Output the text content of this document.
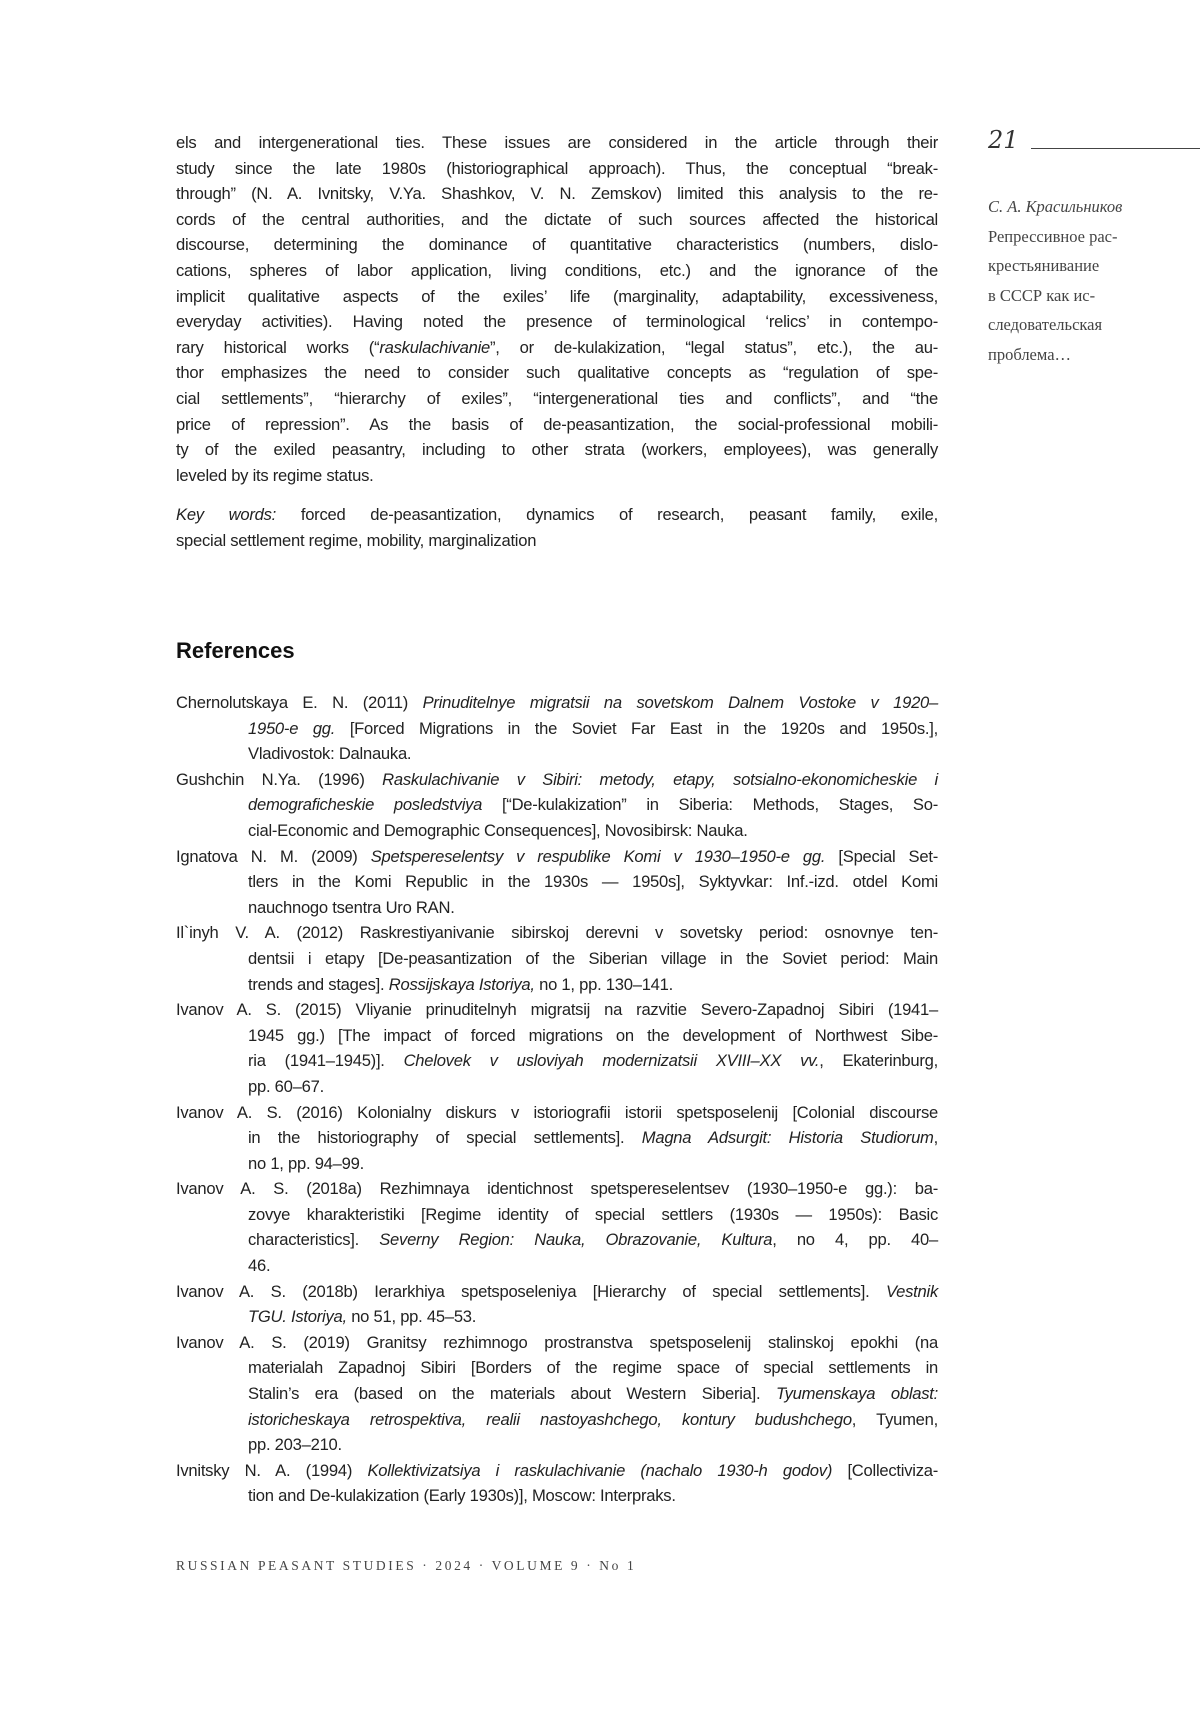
21
С. А. Красильников
Репрессивное рас-
крестьянивание
в СССР как ис-
следовательская
проблема…
els and intergenerational ties. These issues are considered in the article through their
study since the late 1980s (historiographical approach). Thus, the conceptual “break-
through” (N. A. Ivnitsky, V.Ya. Shashkov, V. N. Zemskov) limited this analysis to the re-
cords of the central authorities, and the dictate of such sources affected the historical
discourse, determining the dominance of quantitative characteristics (numbers, dislo-
cations, spheres of labor application, living conditions, etc.) and the ignorance of the
implicit qualitative aspects of the exiles’ life (marginality, adaptability, excessiveness,
everyday activities). Having noted the presence of terminological ‘relics’ in contempo-
rary historical works (“raskulachivanie”, or de-kulakization, “legal status”, etc.), the au-
thor emphasizes the need to consider such qualitative concepts as “regulation of spe-
cial settlements”, “hierarchy of exiles”, “intergenerational ties and conflicts”, and “the
price of repression”. As the basis of de-peasantization, the social-professional mobili-
ty of the exiled peasantry, including to other strata (workers, employees), was generally
leveled by its regime status.
Key words: forced de-peasantization, dynamics of research, peasant family, exile,
special settlement regime, mobility, marginalization
References
Chernolutskaya E. N. (2011) Prinuditelnye migratsii na sovetskom Dalnem Vostoke v 1920–
1950-e gg. [Forced Migrations in the Soviet Far East in the 1920s and 1950s.],
Vladivostok: Dalnauka.
Gushchin N.Ya. (1996) Raskulachivanie v Sibiri: metody, etapy, sotsialno-ekonomicheskie i
demograficheskie posledstviya [“De-kulakization” in Siberia: Methods, Stages, So-
cial-Economic and Demographic Consequences], Novosibirsk: Nauka.
Ignatova N. M. (2009) Spetspereselentsy v respublike Komi v 1930–1950-e gg. [Special Set-
tlers in the Komi Republic in the 1930s — 1950s], Syktyvkar: Inf.-izd. otdel Komi
nauchnogo tsentra Uro RAN.
Il`inyh V. A. (2012) Raskrestiyanivanie sibirskoj derevni v sovetsky period: osnovnye ten-
dentsii i etapy [De-peasantization of the Siberian village in the Soviet period: Main
trends and stages]. Rossijskaya Istoriya, no 1, pp. 130–141.
Ivanov A. S. (2015) Vliyanie prinuditelnyh migratsij na razvitie Severo-Zapadnoj Sibiri (1941–
1945 gg.) [The impact of forced migrations on the development of Northwest Sibe-
ria (1941–1945)]. Chelovek v usloviyah modernizatsii XVIII–XX vv., Ekaterinburg,
pp. 60–67.
Ivanov A. S. (2016) Kolonialny diskurs v istoriografii istorii spetsposelenij [Colonial discourse
in the historiography of special settlements]. Magna Adsurgit: Historia Studiorum,
no 1, pp. 94–99.
Ivanov A. S. (2018a) Rezhimnaya identichnost spetspereselentsev (1930–1950-e gg.): ba-
zovye kharakteristiki [Regime identity of special settlers (1930s — 1950s): Basic
characteristics]. Severny Region: Nauka, Obrazovanie, Kultura, no 4, pp. 40–
46.
Ivanov A. S. (2018b) Ierarkhiya spetsposeleniya [Hierarchy of special settlements]. Vestnik
TGU. Istoriya, no 51, pp. 45–53.
Ivanov A. S. (2019) Granitsy rezhimnogo prostranstva spetsposelenij stalinskoj epokhi (na
materialah Zapadnoj Sibiri [Borders of the regime space of special settlements in
Stalin’s era (based on the materials about Western Siberia]. Tyumenskaya oblast:
istoricheskaya retrospektiva, realii nastoyashchego, kontury budushchego, Tyumen,
pp. 203–210.
Ivnitsky N. A. (1994) Kollektivizatsiya i raskulachivanie (nachalo 1930-h godov) [Collectiviza-
tion and De-kulakization (Early 1930s)], Moscow: Interpraks.
RUSSIAN PEASANT STUDIES · 2024 · VOLUME 9 · No 1
